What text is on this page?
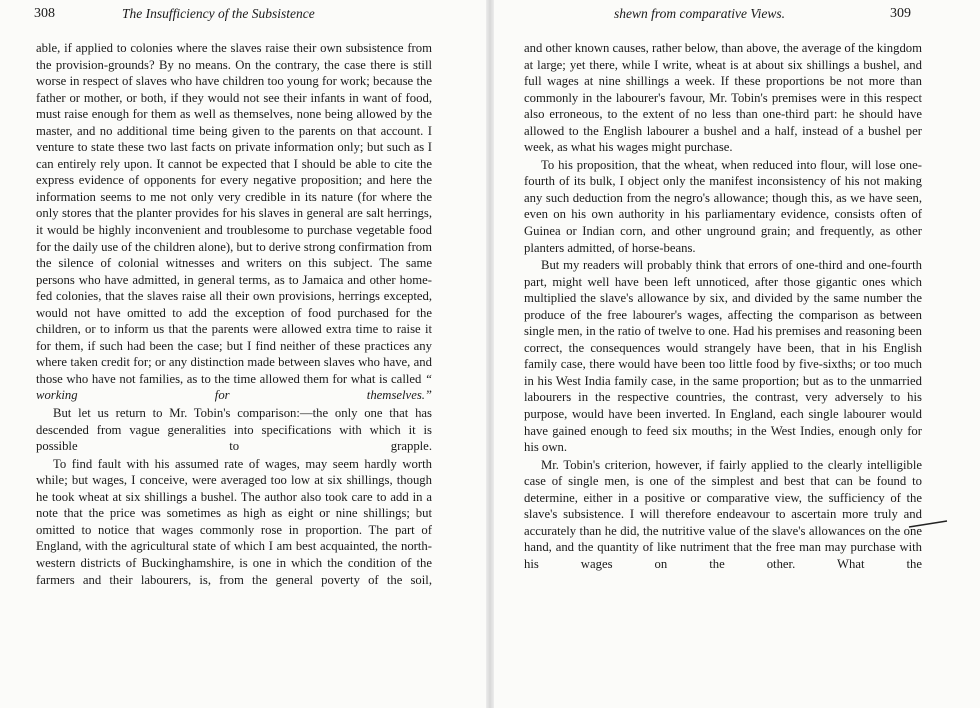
308	The Insufficiency of the Subsistence

able, if applied to colonies where the slaves raise their own subsistence from the provision-grounds? By no means. On the contrary, the case there is still worse in respect of slaves who have children too young for work; because the father or mother, or both, if they would not see their infants in want of food, must raise enough for them as well as themselves, none being allowed by the master, and no additional time being given to the parents on that account. I venture to state these two last facts on private information only; but such as I can entirely rely upon. It cannot be expected that I should be able to cite the express evidence of opponents for every negative proposition; and here the information seems to me not only very credible in its nature (for where the only stores that the planter provides for his slaves in general are salt herrings, it would be highly inconvenient and troublesome to purchase vegetable food for the daily use of the children alone), but to derive strong confirmation from the silence of colonial witnesses and writers on this subject. The same persons who have admitted, in general terms, as to Jamaica and other home-fed colonies, that the slaves raise all their own provisions, herrings excepted, would not have omitted to add the exception of food purchased for the children, or to inform us that the parents were allowed extra time to raise it for them, if such had been the case; but I find neither of these practices any where taken credit for; or any distinction made between slaves who have, and those who have not families, as to the time allowed them for what is called “ working for themselves.”

But let us return to Mr. Tobin's comparison:—the only one that has descended from vague generalities into specifications with which it is possible to grapple.

To find fault with his assumed rate of wages, may seem hardly worth while; but wages, I conceive, were averaged too low at six shillings, though he took wheat at six shillings a bushel. The author also took care to add in a note that the price was sometimes as high as eight or nine shillings; but omitted to notice that wages commonly rose in proportion. The part of England, with the agricultural state of which I am best acquainted, the north-western districts of Buckinghamshire, is one in which the condition of the farmers and their labourers, is, from the general poverty of the soil,

shewn from comparative Views.	309

and other known causes, rather below, than above, the average of the kingdom at large; yet there, while I write, wheat is at about six shillings a bushel, and full wages at nine shillings a week. If these proportions be not more than commonly in the labourer's favour, Mr. Tobin's premises were in this respect also erroneous, to the extent of no less than one-third part: he should have allowed to the English labourer a bushel and a half, instead of a bushel per week, as what his wages might purchase.

To his proposition, that the wheat, when reduced into flour, will lose one-fourth of its bulk, I object only the manifest inconsistency of his not making any such deduction from the negro's allowance; though this, as we have seen, even on his own authority in his parliamentary evidence, consists often of Guinea or Indian corn, and other unground grain; and frequently, as other planters admitted, of horse-beans.

But my readers will probably think that errors of one-third and one-fourth part, might well have been left unnoticed, after those gigantic ones which multiplied the slave's allowance by six, and divided by the same number the produce of the free labourer's wages, affecting the comparison as between single men, in the ratio of twelve to one. Had his premises and reasoning been correct, the consequences would strangely have been, that in his English family case, there would have been too little food by five-sixths; or too much in his West India family case, in the same proportion; but as to the unmarried labourers in the respective countries, the contrast, very adversely to his purpose, would have been inverted. In England, each single labourer would have gained enough to feed six mouths; in the West Indies, enough only for his own.

Mr. Tobin's criterion, however, if fairly applied to the clearly intelligible case of single men, is one of the simplest and best that can be found to determine, either in a positive or comparative view, the sufficiency of the slave's subsistence. I will therefore endeavour to ascertain more truly and accurately than he did, the nutritive value of the slave's allowances on the one hand, and the quantity of like nutriment that the free man may purchase with his wages on the other. What the
